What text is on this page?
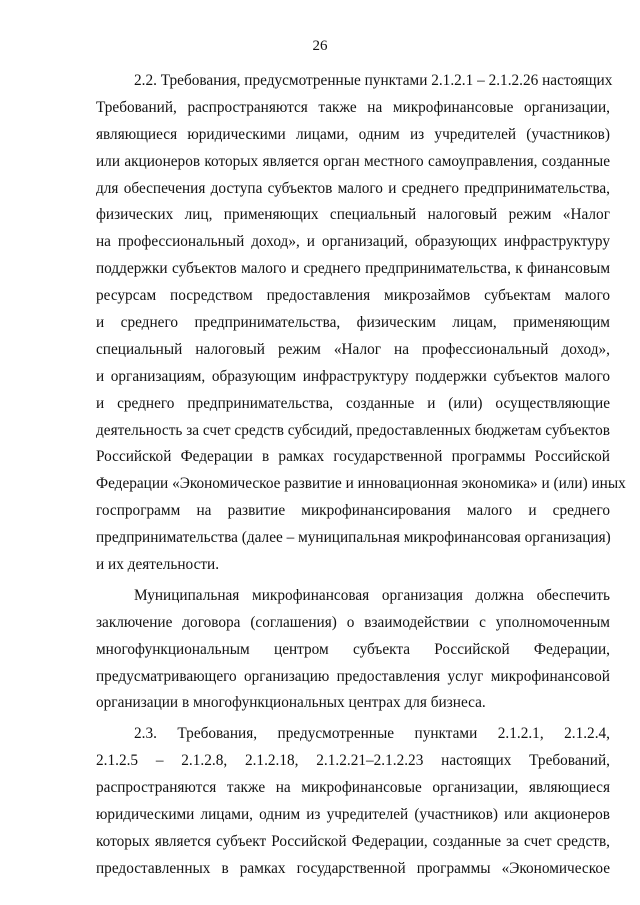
26
2.2. Требования, предусмотренные пунктами 2.1.2.1 – 2.1.2.26 настоящих
Требований, распространяются также на микрофинансовые организации,
являющиеся юридическими лицами, одним из учредителей (участников)
или акционеров которых является орган местного самоуправления, созданные
для обеспечения доступа субъектов малого и среднего предпринимательства,
физических лиц, применяющих специальный налоговый режим «Налог
на профессиональный доход», и организаций, образующих инфраструктуру
поддержки субъектов малого и среднего предпринимательства, к финансовым
ресурсам посредством предоставления микрозаймов субъектам малого
и среднего предпринимательства, физическим лицам, применяющим
специальный налоговый режим «Налог на профессиональный доход»,
и организациям, образующим инфраструктуру поддержки субъектов малого
и среднего предпринимательства, созданные и (или) осуществляющие
деятельность за счет средств субсидий, предоставленных бюджетам субъектов
Российской Федерации в рамках государственной программы Российской
Федерации «Экономическое развитие и инновационная экономика» и (или) иных
госпрограмм на развитие микрофинансирования малого и среднего
предпринимательства (далее – муниципальная микрофинансовая организация)
и их деятельности.
Муниципальная микрофинансовая организация должна обеспечить
заключение договора (соглашения) о взаимодействии с уполномоченным
многофункциональным центром субъекта Российской Федерации,
предусматривающего организацию предоставления услуг микрофинансовой
организации в многофункциональных центрах для бизнеса.
2.3. Требования, предусмотренные пунктами 2.1.2.1, 2.1.2.4,
2.1.2.5 – 2.1.2.8, 2.1.2.18, 2.1.2.21–2.1.2.23 настоящих Требований,
распространяются также на микрофинансовые организации, являющиеся
юридическими лицами, одним из учредителей (участников) или акционеров
которых является субъект Российской Федерации, созданные за счет средств,
предоставленных в рамках государственной программы «Экономическое
